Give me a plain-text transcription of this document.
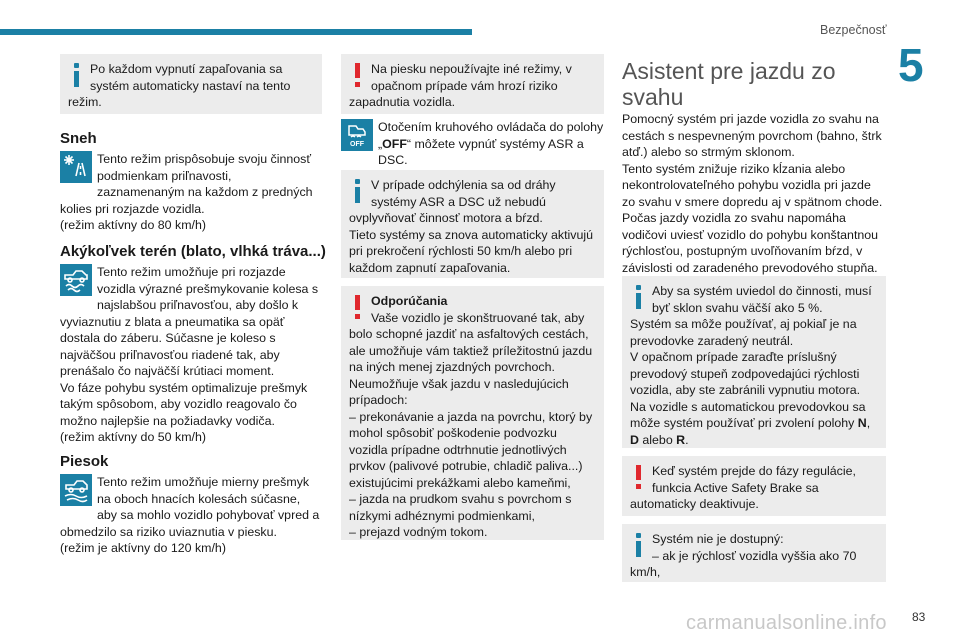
Bezpečnosť
5
Po každom vypnutí zapaľovania sa systém automaticky nastaví na tento režim.
Sneh
Tento režim prispôsobuje svoju činnosť podmienkam priľnavosti, zaznamenaným na každom z predných kolies pri rozjazde vozidla.
(režim aktívny do 80 km/h)
Akýkoľvek terén (blato, vlhká tráva...)
Tento režim umožňuje pri rozjazde vozidla výrazné prešmykovanie kolesa s najslabšou priľnavosťou, aby došlo k vyviaznutiu z blata a pneumatika sa opäť dostala do záberu. Súčasne je koleso s najväčšou priľnavosťou riadené tak, aby prenášalo čo najväčší krútiaci moment.
Vo fáze pohybu systém optimalizuje prešmyk takým spôsobom, aby vozidlo reagovalo čo možno najlepšie na požiadavky vodiča.
(režim aktívny do 50 km/h)
Piesok
Tento režim umožňuje mierny prešmyk na oboch hnacích kolesách súčasne, aby sa mohlo vozidlo pohybovať vpred a obmedzilo sa riziko uviaznutia v piesku.
(režim je aktívny do 120 km/h)
Na piesku nepoužívajte iné režimy, v opačnom prípade vám hrozí riziko zapadnutia vozidla.
OFF
Otočením kruhového ovládača do polohy „OFF“ môžete vypnúť systémy ASR a DSC.
V prípade odchýlenia sa od dráhy systémy ASR a DSC už nebudú ovplyvňovať činnosť motora a bŕzd.
Tieto systémy sa znova automaticky aktivujú pri prekročení rýchlosti 50 km/h alebo pri každom zapnutí zapaľovania.
Odporúčania
Vaše vozidlo je skonštruované tak, aby bolo schopné jazdiť na asfaltových cestách, ale umožňuje vám taktiež príležitostnú jazdu na iných menej zjazdných povrchoch.
Neumožňuje však jazdu v nasledujúcich prípadoch:
– prekonávanie a jazda na povrchu, ktorý by mohol spôsobiť poškodenie podvozku vozidla prípadne odtrhnutie jednotlivých prvkov (palivové potrubie, chladič paliva...) existujúcimi prekážkami alebo kameňmi,
– jazda na prudkom svahu s povrchom s nízkymi adhéznymi podmienkami,
– prejazd vodným tokom.
Asistent pre jazdu zo svahu
Pomocný systém pri jazde vozidla zo svahu na cestách s nespevneným povrchom (bahno, štrk atď.) alebo so strmým sklonom.
Tento systém znižuje riziko kĺzania alebo nekontrolovateľného pohybu vozidla pri jazde zo svahu v smere dopredu aj v spätnom chode.
Počas jazdy vozidla zo svahu napomáha vodičovi uviesť vozidlo do pohybu konštantnou rýchlosťou, postupným uvoľňovaním bŕzd, v závislosti od zaradeného prevodového stupňa.
Aby sa systém uviedol do činnosti, musí byť sklon svahu väčší ako 5 %.
Systém sa môže používať, aj pokiaľ je na prevodovke zaradený neutrál.
V opačnom prípade zaraďte príslušný prevodový stupeň zodpovedajúci rýchlosti vozidla, aby ste zabránili vypnutiu motora.
Na vozidle s automatickou prevodovkou sa môže systém používať pri zvolení polohy N,
D alebo R.
Keď systém prejde do fázy regulácie, funkcia Active Safety Brake sa automaticky deaktivuje.
Systém nie je dostupný:
– ak je rýchlosť vozidla vyššia ako 70 km/h,
carmanualsonline.info 83
